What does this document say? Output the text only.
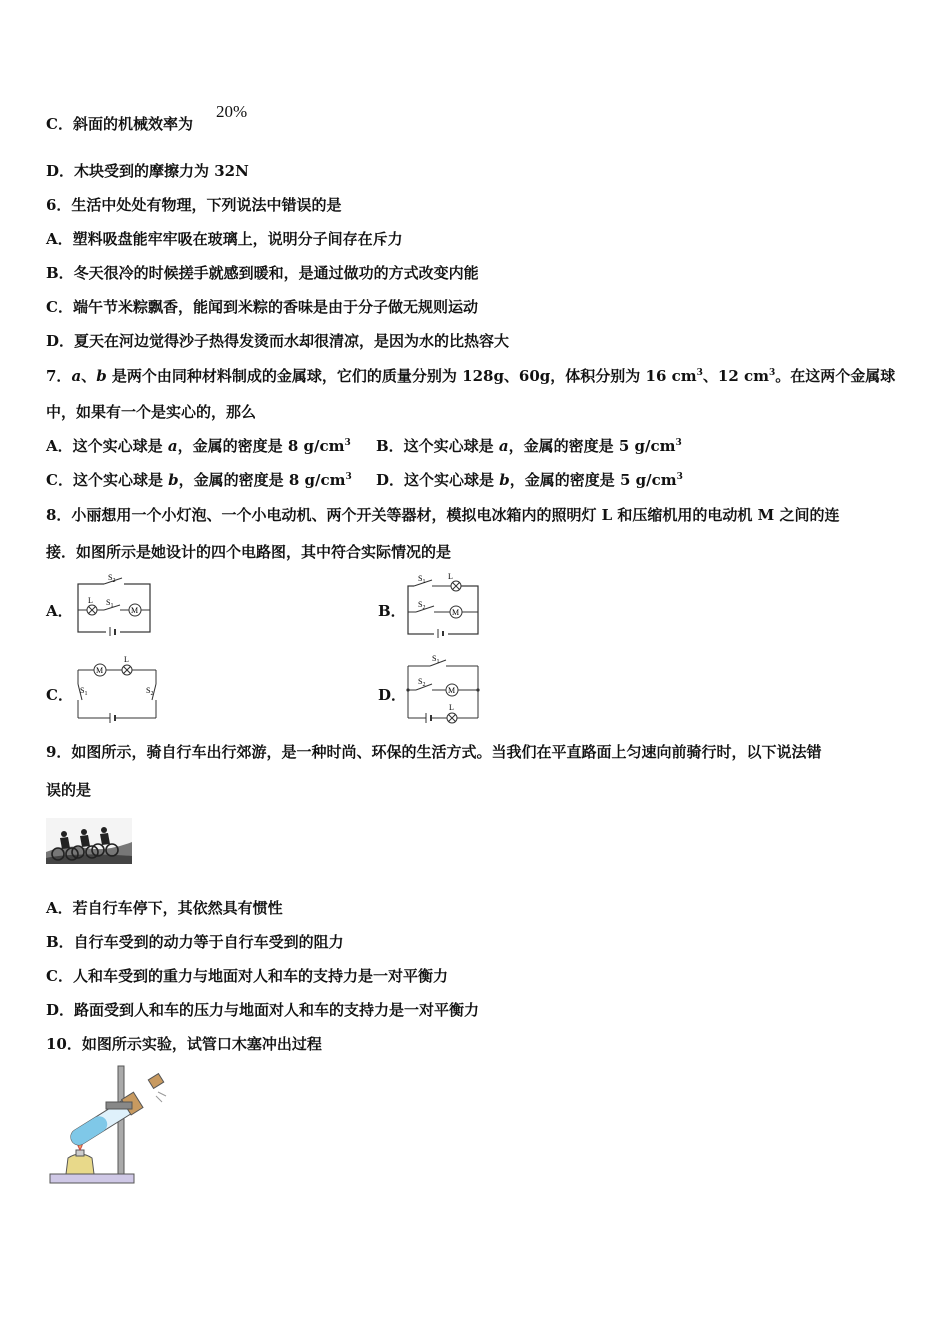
C．斜面的机械效率为
20%
D．木块受到的摩擦力为 32N
6．生活中处处有物理，下列说法中错误的是
A．塑料吸盘能牢牢吸在玻璃上，说明分子间存在斥力
B．冬天很冷的时候搓手就感到暖和，是通过做功的方式改变内能
C．端午节米粽飘香，能闻到米粽的香味是由于分子做无规则运动
D．夏天在河边觉得沙子热得发烫而水却很清凉，是因为水的比热容大
7．a、b 是两个由同种材料制成的金属球，它们的质量分别为 128g、60g，体积分别为 16 $cm^3$、12 $cm^3$。在这两个金属球
中，如果有一个是实心的，那么
A．这个实心球是 a，金属的密度是 8 $g/cm^3$ B．这个实心球是 a，金属的密度是 5 $g/cm^3$
C．这个实心球是 b，金属的密度是 8 $g/cm^3$ D．这个实心球是 b，金属的密度是 5 $g/cm^3$
8．小丽想用一个小灯泡、一个小电动机、两个开关等器材，模拟电冰箱内的照明灯 L 和压缩机用的电动机 M 之间的连
接．如图所示是她设计的四个电路图，其中符合实际情况的是
A．
$S_2$
L $S_1$ M	B．
$S_1$
L
$S_2$	M
C．
M
L
$S_1$	$S_2$	D．
$S_1$
$S_2$
M
L
9．如图所示，骑自行车出行郊游，是一种时尚、环保的生活方式。当我们在平直路面上匀速向前骑行时，以下说法错
误的是
A．若自行车停下，其依然具有惯性
B．自行车受到的动力等于自行车受到的阻力
C．人和车受到的重力与地面对人和车的支持力是一对平衡力
D．路面受到人和车的压力与地面对人和车的支持力是一对平衡力
10．如图所示实验，试管口木塞冲出过程
